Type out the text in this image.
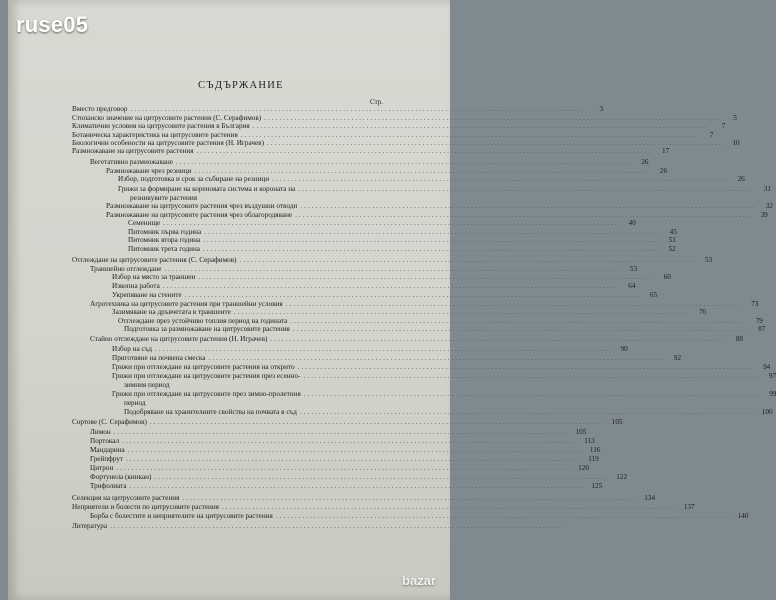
ruse05
СЪДЪРЖАНИЕ
Стр.
Вместо предговор ........................................................................................................................	3
Стопанско значение на цитрусовите растения (С. Серафимов) ........................................................................................................................	5
Климатични условия на цитрусовите растения в България ........................................................................................................................	7
Ботаническа характеристика на цитрусовите растения ........................................................................................................................	7
Биологични особености на цитрусовите растения (Н. Играчев) ........................................................................................................................	10
Размножаване на цитрусовите растения ........................................................................................................................	17
Вегетативно размножаване ........................................................................................................................	26
Размножаване чрез резници ........................................................................................................................	26
Избор, подготовка и срок за събиране на резници ........................................................................................................................	26
Грижи за формиране на кореновата система и короната на ........................................................................................................................	31
резникувите растения
Размножаване на цитрусовите растения чрез въздушни отводи ........................................................................................................................	32
Размножаване на цитрусовите растения чрез облагородяване ........................................................................................................................	39
Семенище ........................................................................................................................	40
Питомник първа година ........................................................................................................................	45
Питомник втора година ........................................................................................................................	51
Питомник трета година ........................................................................................................................	52
Отглеждане на цитрусовите растения (С. Серафимов) ........................................................................................................................	53
Траншейно отглеждане ........................................................................................................................	53
Избор на място за траншеи ........................................................................................................................	60
Изкопна работа ........................................................................................................................	64
Укрепяване на стените ........................................................................................................................	65
Агротехника на цитрусовите растения при траншейни условия ........................................................................................................................	73
Зазимяване на дръвчетата в траншеите ........................................................................................................................	76
Отглеждане през устойчиво топлия период на годината ........................................................................................................................	79
Подготовка за размножаване на цитрусовите растения ........................................................................................................................	87
Стайно отглеждане на цитрусовите растения (Н. Играчев) ........................................................................................................................	88
Избор на съд ........................................................................................................................	90
Приготвяне на почвена смеска ........................................................................................................................	92
Грижи при отглеждане на цитрусовите растения на открито ........................................................................................................................	94
Грижи при отглеждане на цитрусовите растения през есенно- ........................................................................................................................	97
зимния период
Грижи при отглеждане на цитрусовите през зимно-пролетния ........................................................................................................................	99
период
Подобряване на хранителните свойства на почвата в съд ........................................................................................................................ 100
Сортове (С. Серафимов) ........................................................................................................................ 105
Лимон ........................................................................................................................ 105
Портокал ........................................................................................................................ 113
Мандарина ........................................................................................................................ 116
Грейпфрут ........................................................................................................................ 119
Цитрон ........................................................................................................................ 120
Фортунела (кинкан) ........................................................................................................................ 122
Трифолиата ........................................................................................................................ 125
Селекция на цитрусовите растения ........................................................................................................................ 134
Неприятели и болести по цитрусовите растения ........................................................................................................................ 137
Борба с болестите и неприятелите на цитрусовите растения ........................................................................................................................ 140
Литература ........................................................................................................................
bazar
